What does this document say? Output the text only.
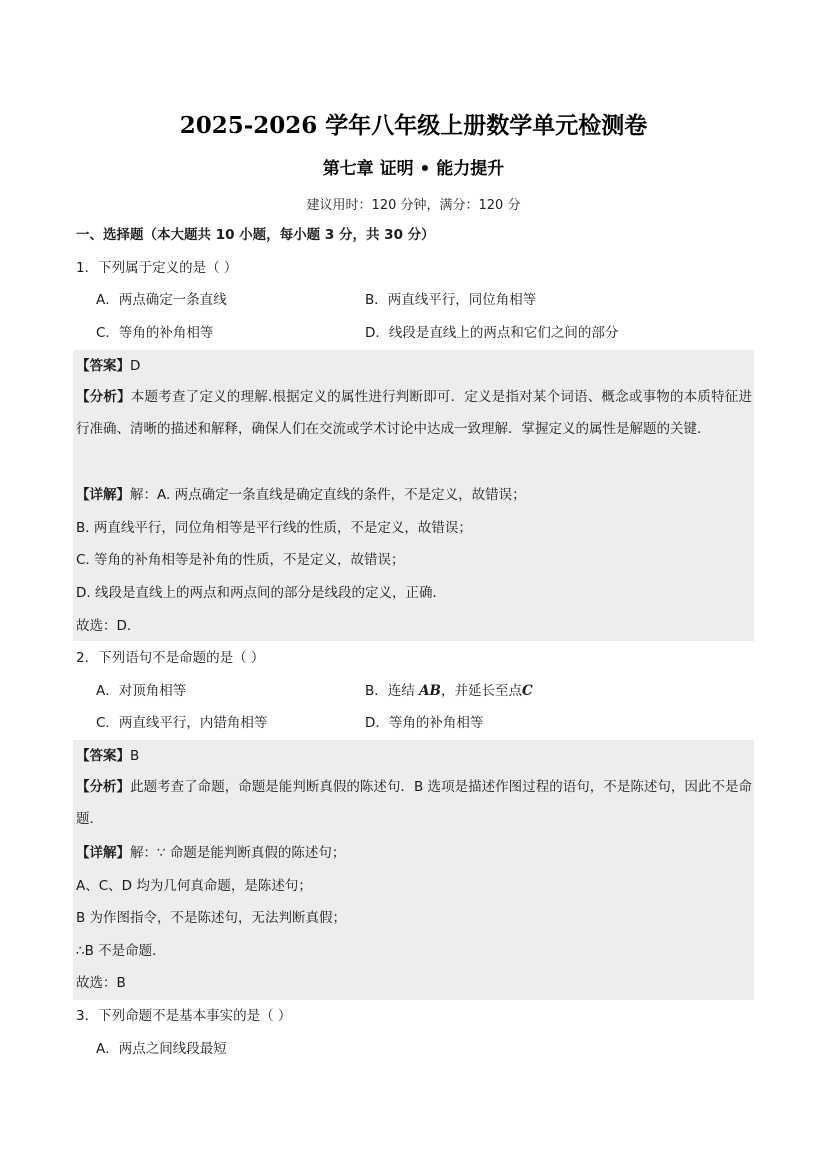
2025-2026 学年八年级上册数学单元检测卷
第七章 证明 • 能力提升
建议用时：120 分钟，满分：120 分
一、选择题（本大题共 10 小题，每小题 3 分，共 30 分）
1．下列属于定义的是（ ）
A．两点确定一条直线	B．两直线平行，同位角相等
C．等角的补角相等	D．线段是直线上的两点和它们之间的部分
【答案】D
【分析】本题考查了定义的理解.根据定义的属性进行判断即可．定义是指对某个词语、概念或事物的本质特征进行准确、清晰的描述和解释，确保人们在交流或学术讨论中达成一致理解．掌握定义的属性是解题的关键．
【详解】解：A. 两点确定一条直线是确定直线的条件，不是定义，故错误；
B. 两直线平行，同位角相等是平行线的性质，不是定义，故错误；
C. 等角的补角相等是补角的性质，不是定义，故错误；
D. 线段是直线上的两点和两点间的部分是线段的定义，正确．
故选：D．
2．下列语句不是命题的是（ ）
A．对顶角相等	B．连结 AB，并延长至点C
C．两直线平行，内错角相等	D．等角的补角相等
【答案】B
【分析】此题考查了命题，命题是能判断真假的陈述句．B 选项是描述作图过程的语句，不是陈述句，因此不是命题．
【详解】解：∵ 命题是能判断真假的陈述句；
A、C、D 均为几何真命题，是陈述句；
B 为作图指令，不是陈述句，无法判断真假；
∴B 不是命题．
故选：B
3．下列命题不是基本事实的是（ ）
A．两点之间线段最短
